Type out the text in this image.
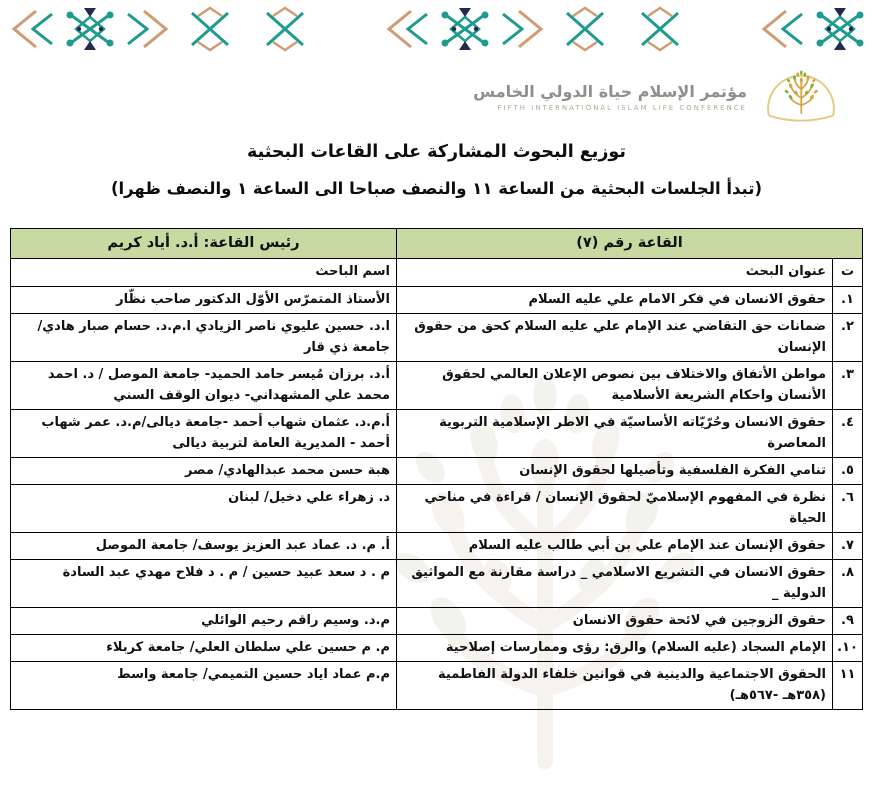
مؤتمر الإسلام حياة الدولي الخامس
FIFTH INTERNATIONAL ISLAM LIFE CONFERENCE
توزيع البحوث المشاركة على القاعات البحثية
(تبدأ الجلسات البحثية من الساعة ١١ والنصف صباحا الى الساعة ١ والنصف ظهرا)
القاعة رقم (٧)		رئيس القاعة: أ.د. أياد كريم
ت	عنوان البحث	اسم الباحث
١.	حقوق الانسان في فكر الامام علي عليه السلام	الأستاذ المتمرّس الأوّل الدكتور صاحب نظّار
٢.	ضمانات حق التقاضي عند الإمام علي عليه السلام كحق من حقوق الإنسان	ا.د. حسين عليوي ناصر الزيادي ا.م.د. حسام صبار هادي/ جامعة ذي قار
٣.	مواطن الأتفاق والاختلاف بين نصوص الإعلان العالمي لحقوق الأنسان واحكام الشريعة الأسلامية	أ.د. برزان مُيسر حامد الحميد- جامعة الموصل / د. احمد محمد علي المشهداني- ديوان الوقف السني
٤.	حقوق الانسان وحُرّيّاته الأساسيّة في الاطر الإسلامية التربوية المعاصرة	أ.م.د. عثمان شهاب أحمد -جامعة ديالى/م.د. عمر شهاب أحمد - المديرية العامة لتربية ديالى
٥.	تنامي الفكرة الفلسفية وتأصيلها لحقوق الإنسان	هبة حسن محمد عبدالهادي/ مصر
٦.	نظرة في المفهوم الإسلاميّ لحقوق الإنسان / قراءة في مناحي الحياة	د. زهراء علي دخيل/ لبنان
٧.	حقوق الإنسان عند الإمام علي بن أبي طالب عليه السلام	أ. م. د. عماد عبد العزيز يوسف/ جامعة الموصل
٨.	حقوق الانسان في التشريع الاسلامي _ دراسة مقارنة مع المواثيق الدولية _	م . د سعد عبيد حسين / م . د فلاح مهدي عبد السادة
٩.	حقوق الزوجين في لائحة حقوق الانسان	م.د. وسيم راقم رحيم الوائلي
١٠.	الإمام السجاد (عليه السلام) والرق: رؤى وممارسات إصلاحية	م. م حسين علي سلطان العلي/ جامعة كربلاء
١١	الحقوق الاجتماعية والدينية في قوانين خلفاء الدولة الفاطمية (٣٥٨هـ -٥٦٧هـ)	م.م عماد اياد حسين التميمي/ جامعة واسط
